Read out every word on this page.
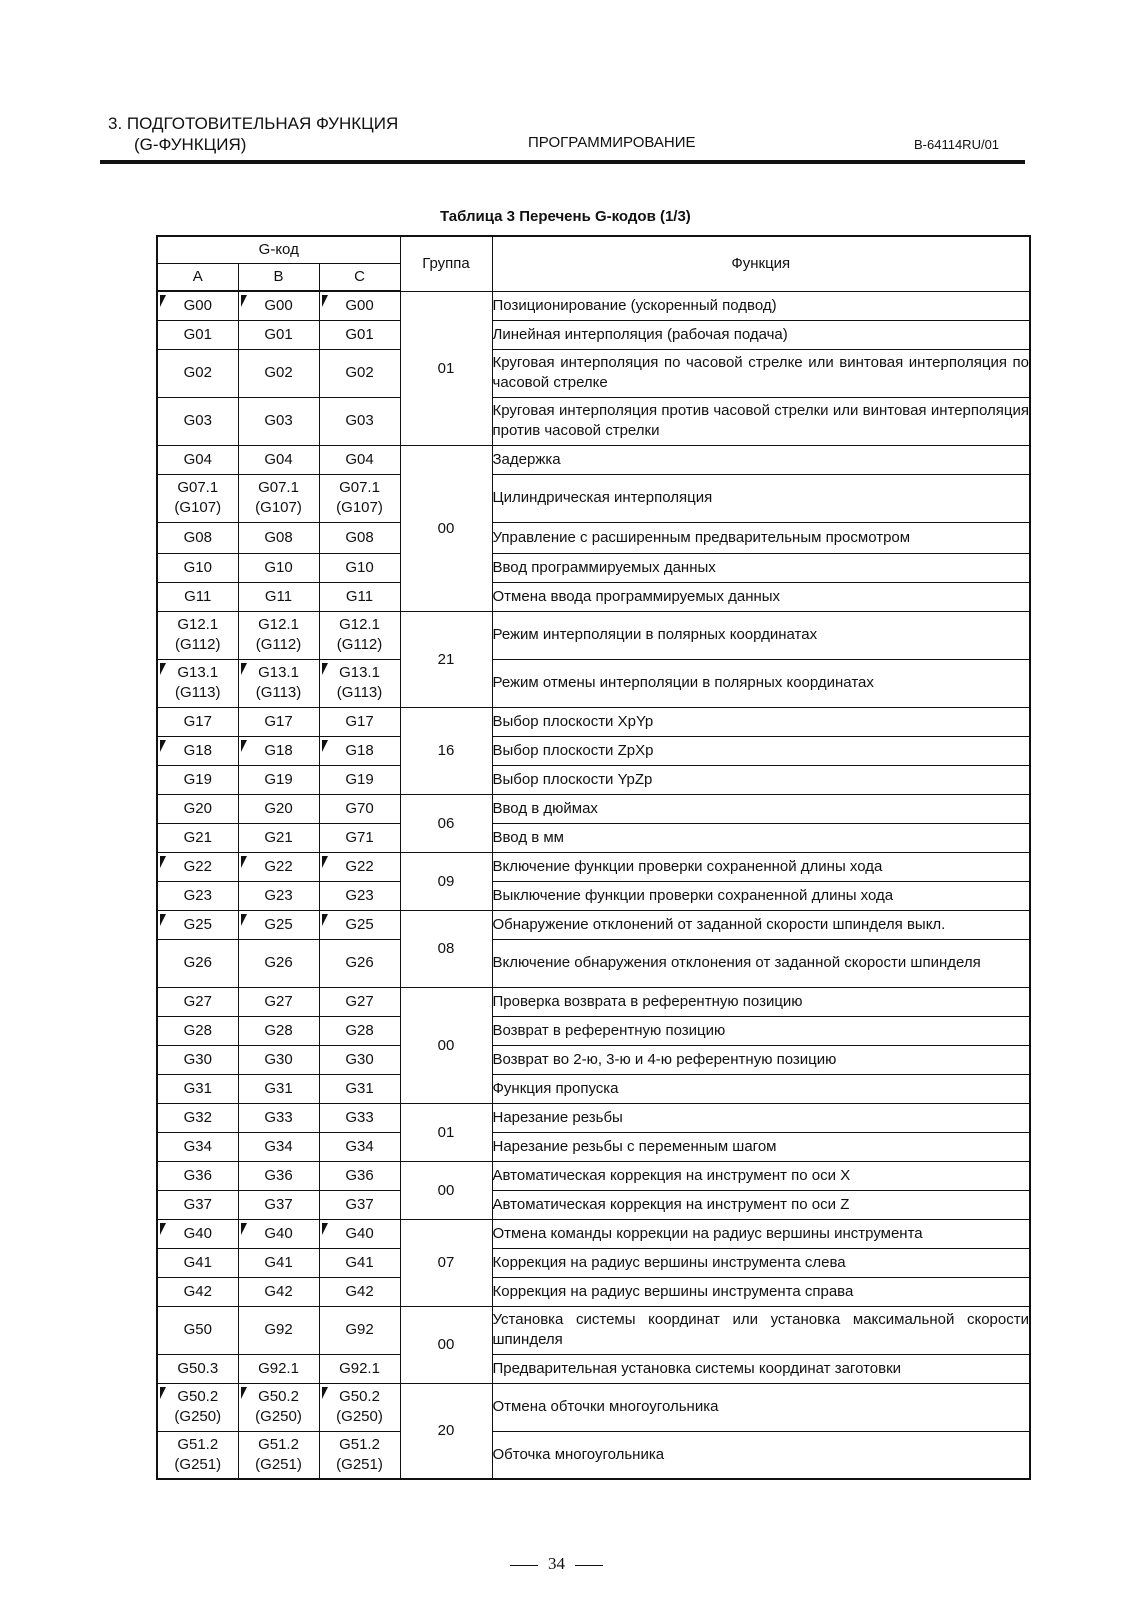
3. ПОДГОТОВИТЕЛЬНАЯ ФУНКЦИЯ
(G-ФУНКЦИЯ)	ПРОГРАММИРОВАНИЕ	B-64114RU/01
Таблица 3 Перечень G-кодов (1/3)
G-код			Группа	Функция
A	B	C		

G00	G00	G00	01	Позиционирование (ускоренный подвод)
G01	G01	G01		Линейная интерполяция (рабочая подача)
G02	G02	G02		Круговая интерполяция по часовой стрелке или винтовая интерполяция по часовой стрелке
G03	G03	G03		Круговая интерполяция против часовой стрелки или винтовая интерполяция против часовой стрелки
G04	G04	G04	00	Задержка
G07.1
(G107)	G07.1
(G107)	G07.1
(G107)		Цилиндрическая интерполяция
G08	G08	G08		Управление с расширенным предварительным просмотром
G10	G10	G10		Ввод программируемых данных
G11	G11	G11		Отмена ввода программируемых данных
G12.1
(G112)	G12.1
(G112)	G12.1
(G112)	21	Режим интерполяции в полярных координатах

G13.1
(G113)	G13.1
(G113)	G13.1
(G113)		Режим отмены интерполяции в полярных координатах
G17	G17	G17	16	Выбор плоскости XpYp

G18	G18	G18		Выбор плоскости ZpXp
G19	G19	G19		Выбор плоскости YpZp
G20	G20	G70	06	Ввод в дюймах
G21	G21	G71		Ввод в мм

G22	G22	G22	09	Включение функции проверки сохраненной длины хода
G23	G23	G23		Выключение функции проверки сохраненной длины хода

G25	G25	G25	08	Обнаружение отклонений от заданной скорости шпинделя выкл.
G26	G26	G26		Включение обнаружения отклонения от заданной скорости шпинделя
G27	G27	G27	00	Проверка возврата в референтную позицию
G28	G28	G28		Возврат в референтную позицию
G30	G30	G30		Возврат во 2-ю, 3-ю и 4-ю референтную позицию
G31	G31	G31		Функция пропуска
G32	G33	G33	01	Нарезание резьбы
G34	G34	G34		Нарезание резьбы с переменным шагом
G36	G36	G36	00	Автоматическая коррекция на инструмент по оси X
G37	G37	G37		Автоматическая коррекция на инструмент по оси Z

G40	G40	G40	07	Отмена команды коррекции на радиус вершины инструмента
G41	G41	G41		Коррекция на радиус вершины инструмента слева
G42	G42	G42		Коррекция на радиус вершины инструмента справа
G50	G92	G92	00	Установка системы координат или установка максимальной скорости шпинделя
G50.3	G92.1	G92.1		Предварительная установка системы координат заготовки

G50.2
(G250)	G50.2
(G250)	G50.2
(G250)	20	Отмена обточки многоугольника
G51.2
(G251)	G51.2
(G251)	G51.2
(G251)		Обточка многоугольника
34
